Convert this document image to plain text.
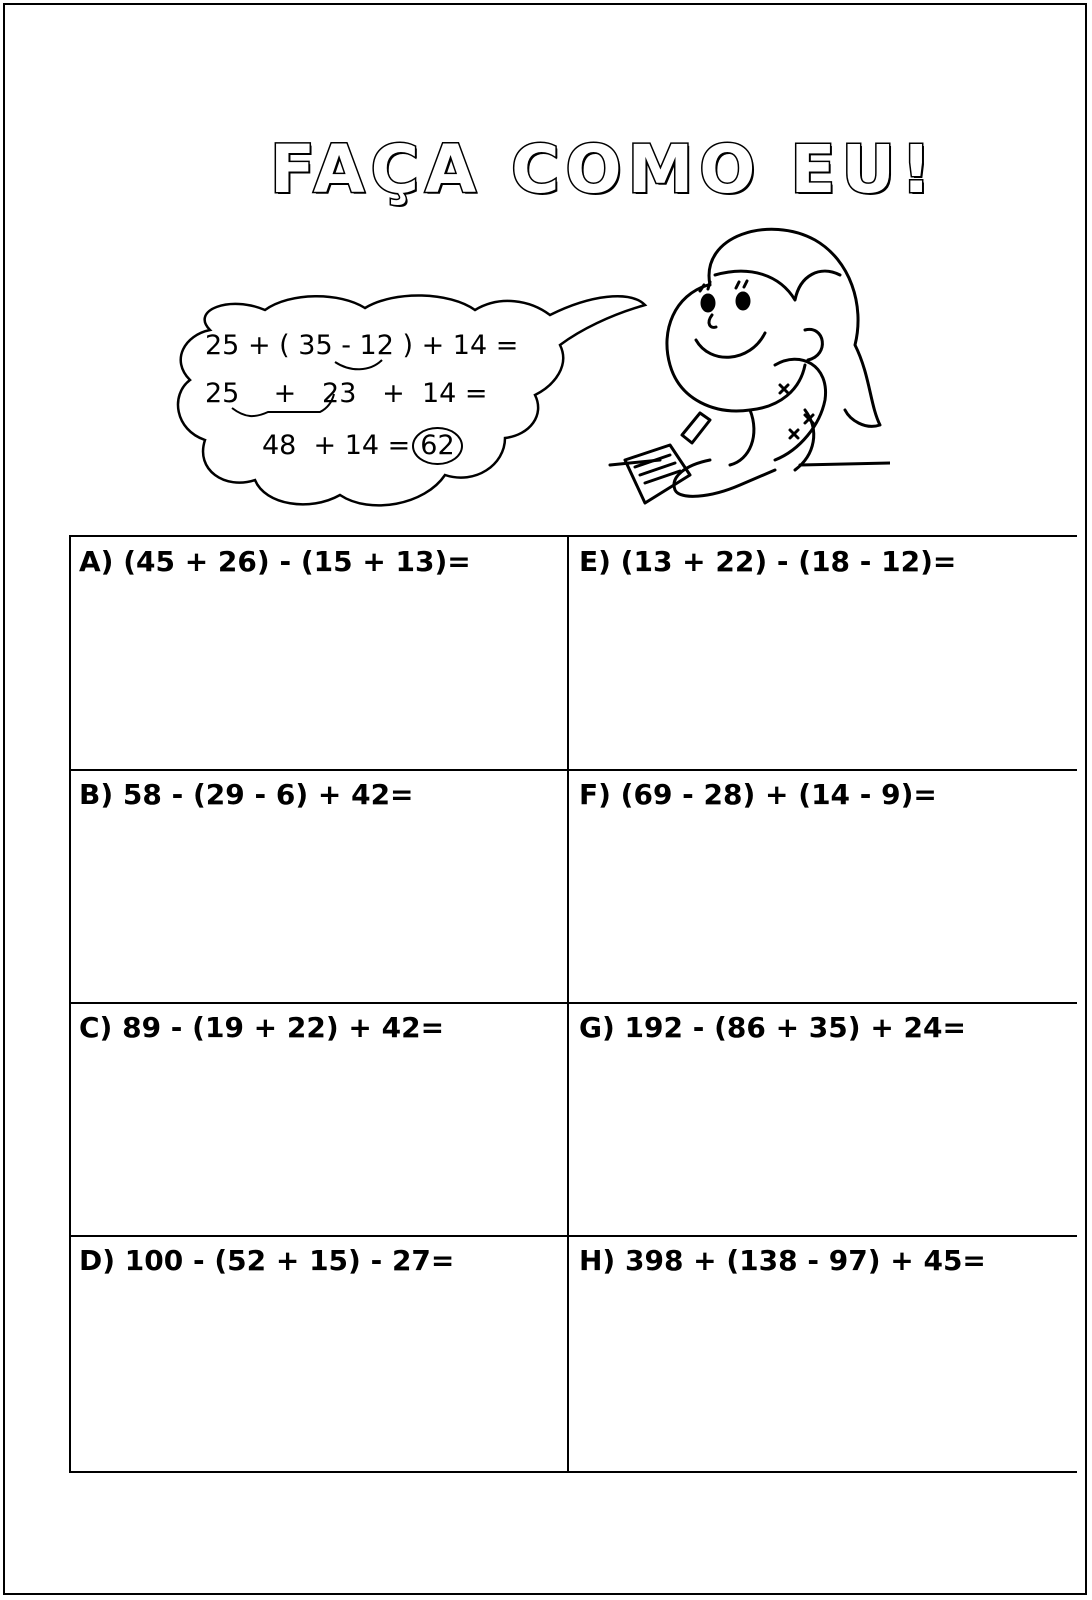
FAÇA COMO EU!
25 + ( 35 - 12 ) + 14 =
25    +   23   +  14 =
48  + 14 = 62
A) (45 + 26) - (15 + 13)=	E) (13 + 22) - (18 - 12)=
B) 58 - (29 - 6) + 42=	F) (69 - 28) + (14 - 9)=
C) 89 - (19 + 22) + 42=	G) 192 - (86 + 35) + 24=
D) 100 - (52 + 15) - 27=	H) 398 + (138 - 97) + 45=
